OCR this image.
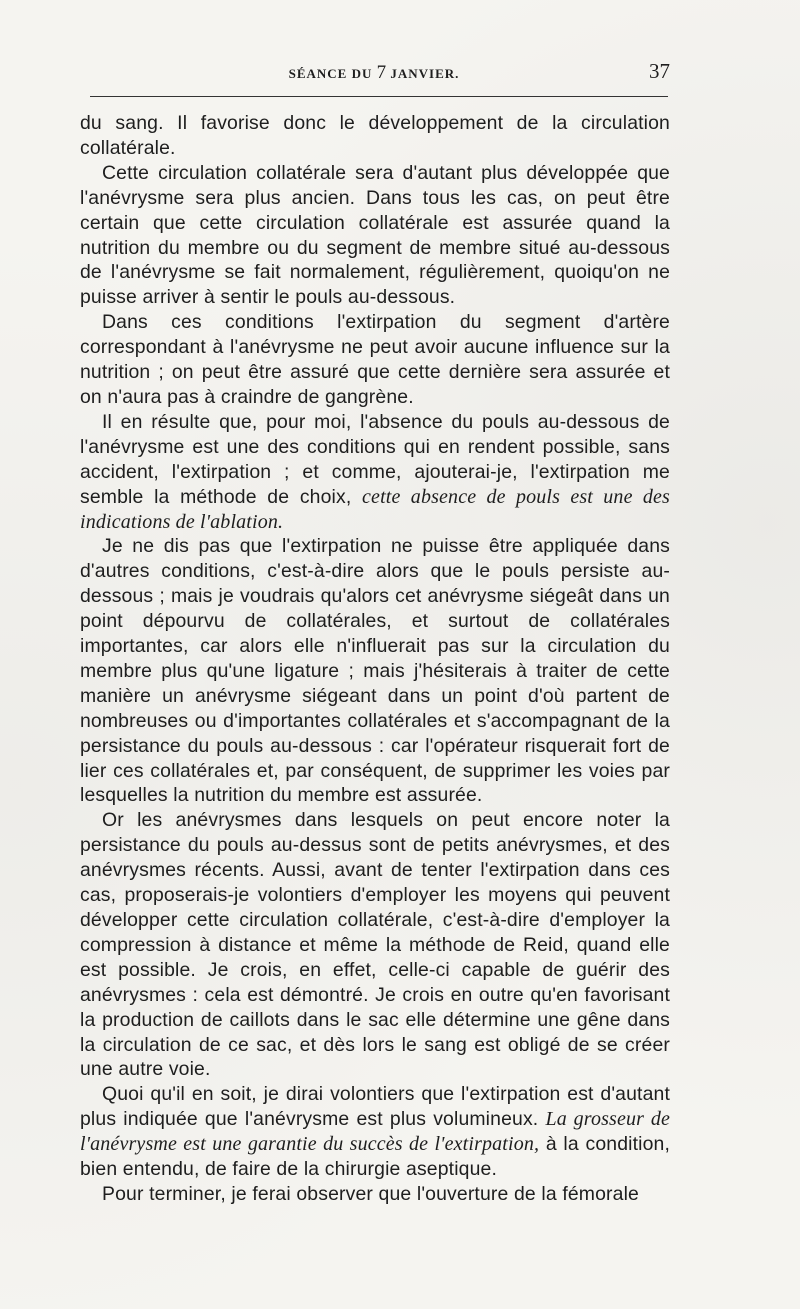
SÉANCE DU 7 JANVIER.	37

du sang. Il favorise donc le développement de la circulation collatérale.

Cette circulation collatérale sera d'autant plus développée que l'anévrysme sera plus ancien. Dans tous les cas, on peut être certain que cette circulation collatérale est assurée quand la nutrition du membre ou du segment de membre situé au-dessous de l'anévrysme se fait normalement, régulièrement, quoiqu'on ne puisse arriver à sentir le pouls au-dessous.

Dans ces conditions l'extirpation du segment d'artère correspondant à l'anévrysme ne peut avoir aucune influence sur la nutrition ; on peut être assuré que cette dernière sera assurée et on n'aura pas à craindre de gangrène.

Il en résulte que, pour moi, l'absence du pouls au-dessous de l'anévrysme est une des conditions qui en rendent possible, sans accident, l'extirpation ; et comme, ajouterai-je, l'extirpation me semble la méthode de choix, cette absence de pouls est une des indications de l'ablation.

Je ne dis pas que l'extirpation ne puisse être appliquée dans d'autres conditions, c'est-à-dire alors que le pouls persiste au-dessous ; mais je voudrais qu'alors cet anévrysme siégeât dans un point dépourvu de collatérales, et surtout de collatérales importantes, car alors elle n'influerait pas sur la circulation du membre plus qu'une ligature ; mais j'hésiterais à traiter de cette manière un anévrysme siégeant dans un point d'où partent de nombreuses ou d'importantes collatérales et s'accompagnant de la persistance du pouls au-dessous : car l'opérateur risquerait fort de lier ces collatérales et, par conséquent, de supprimer les voies par lesquelles la nutrition du membre est assurée.

Or les anévrysmes dans lesquels on peut encore noter la persistance du pouls au-dessus sont de petits anévrysmes, et des anévrysmes récents. Aussi, avant de tenter l'extirpation dans ces cas, proposerais-je volontiers d'employer les moyens qui peuvent développer cette circulation collatérale, c'est-à-dire d'employer la compression à distance et même la méthode de Reid, quand elle est possible. Je crois, en effet, celle-ci capable de guérir des anévrysmes : cela est démontré. Je crois en outre qu'en favorisant la production de caillots dans le sac elle détermine une gêne dans la circulation de ce sac, et dès lors le sang est obligé de se créer une autre voie.

Quoi qu'il en soit, je dirai volontiers que l'extirpation est d'autant plus indiquée que l'anévrysme est plus volumineux. La grosseur de l'anévrysme est une garantie du succès de l'extirpation, à la condition, bien entendu, de faire de la chirurgie aseptique.

Pour terminer, je ferai observer que l'ouverture de la fémorale
